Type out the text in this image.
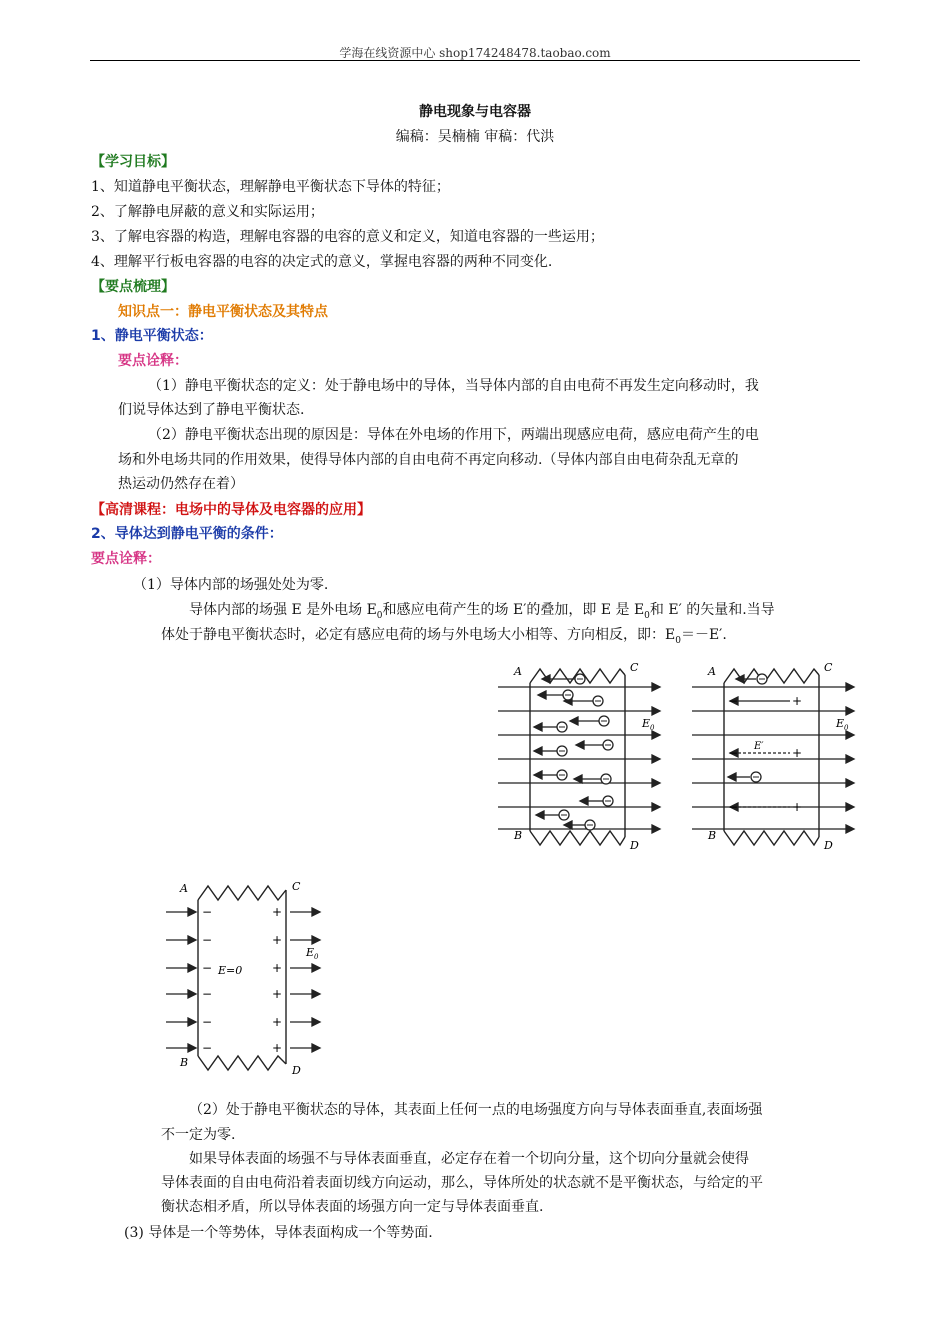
学海在线资源中心 shop174248478.taobao.com
静电现象与电容器
编稿：吴楠楠 审稿：代洪
【学习目标】
1、知道静电平衡状态，理解静电平衡状态下导体的特征；
2、了解静电屏蔽的意义和实际运用；
3、了解电容器的构造，理解电容器的电容的意义和定义，知道电容器的一些运用；
4、理解平行板电容器的电容的决定式的意义，掌握电容器的两种不同变化.
【要点梳理】
知识点一：静电平衡状态及其特点
1、静电平衡状态：
要点诠释：
（1）静电平衡状态的定义：处于静电场中的导体，当导体内部的自由电荷不再发生定向移动时，我
们说导体达到了静电平衡状态.
（2）静电平衡状态出现的原因是：导体在外电场的作用下，两端出现感应电荷，感应电荷产生的电
场和外电场共同的作用效果，使得导体内部的自由电荷不再定向移动.（导体内部自由电荷杂乱无章的
热运动仍然存在着）
【高清课程：电场中的导体及电容器的应用】
2、导体达到静电平衡的条件：
要点诠释：
（1）导体内部的场强处处为零.
导体内部的场强 E 是外电场 $E_0$和感应电荷产生的场 E′的叠加，即 E 是 $E_0$和 E′ 的矢量和.当导
体处于静电平衡状态时，必定有感应电荷的场与外电场大小相等、方向相反，即：$E_0=-E'$.
A	C
B
D
$E_0$
+
+
+
−
−
−
E′
A	C
B
D
$E_0$
−
−
−
−
−
−
+
+
+
+
+
+
E=0
A	C
B
D
$E_0$
（2）处于静电平衡状态的导体，其表面上任何一点的电场强度方向与导体表面垂直,表面场强
不一定为零.
如果导体表面的场强不与导体表面垂直，必定存在着一个切向分量，这个切向分量就会使得
导体表面的自由电荷沿着表面切线方向运动，那么，导体所处的状态就不是平衡状态，与给定的平
衡状态相矛盾，所以导体表面的场强方向一定与导体表面垂直.
(3) 导体是一个等势体，导体表面构成一个等势面.
